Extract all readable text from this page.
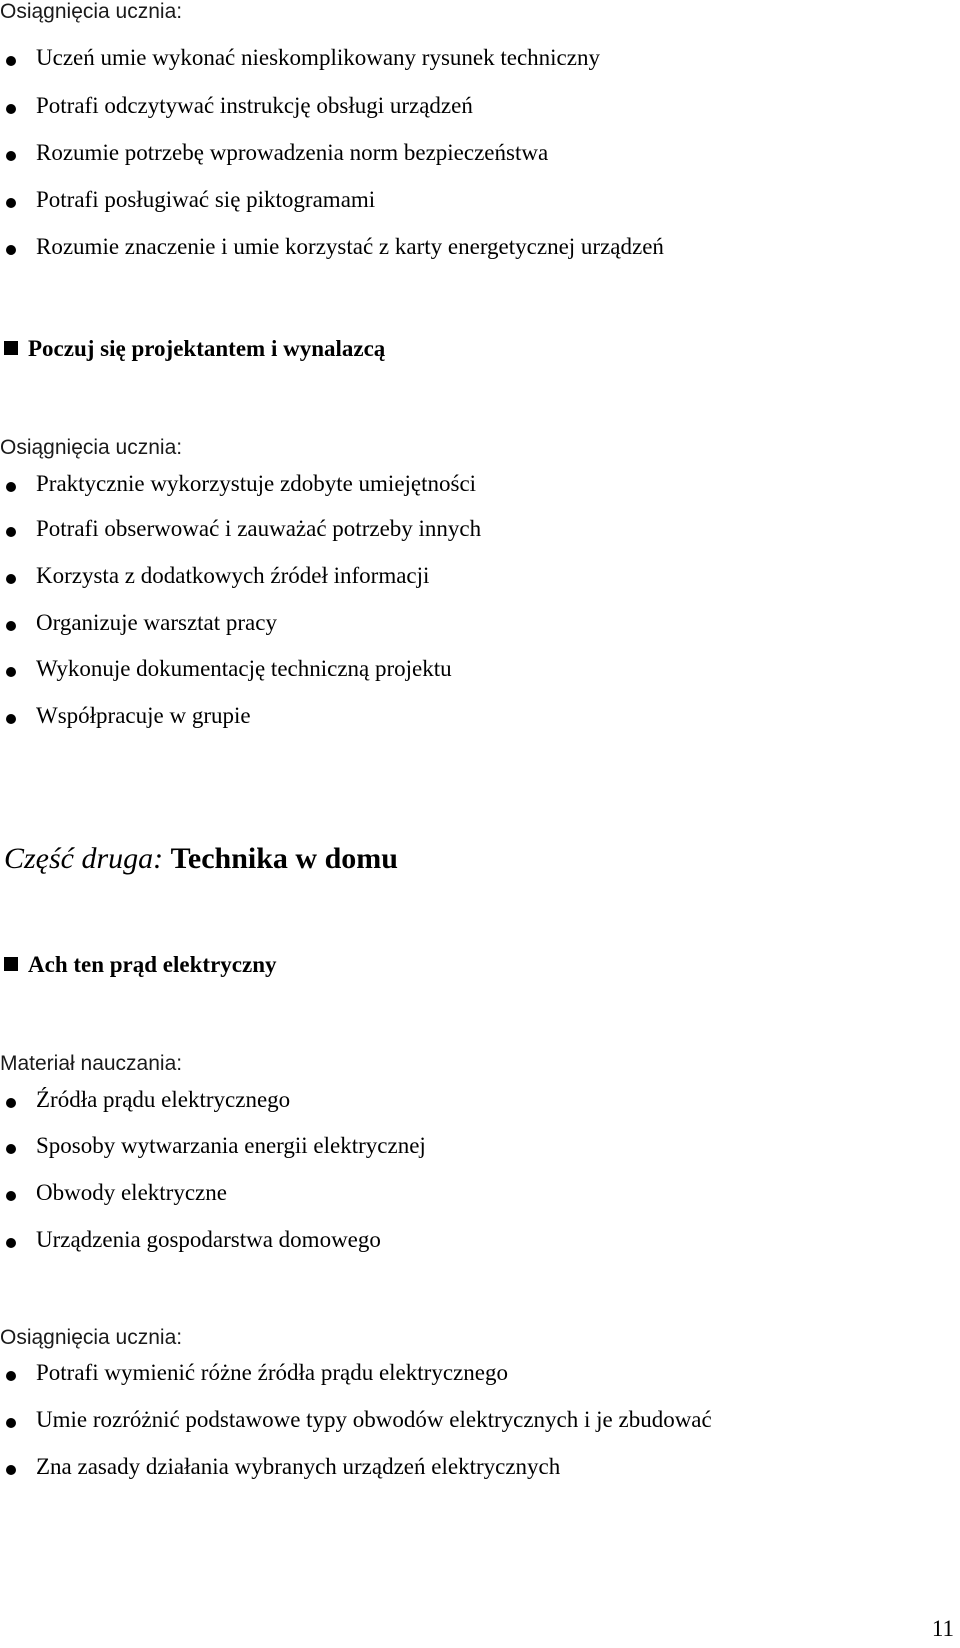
Osiągnięcia ucznia:
Uczeń umie wykonać nieskomplikowany rysunek techniczny
Potrafi odczytywać instrukcję obsługi urządzeń
Rozumie potrzebę wprowadzenia norm bezpieczeństwa
Potrafi posługiwać się piktogramami
Rozumie znaczenie i umie korzystać z karty energetycznej urządzeń
Poczuj się projektantem i wynalazcą
Osiągnięcia ucznia:
Praktycznie wykorzystuje zdobyte umiejętności
Potrafi obserwować i zauważać potrzeby innych
Korzysta z dodatkowych źródeł informacji
Organizuje warsztat pracy
Wykonuje dokumentację techniczną projektu
Współpracuje w grupie
Część druga: Technika w domu
Ach ten prąd elektryczny
Materiał nauczania:
Źródła prądu elektrycznego
Sposoby wytwarzania energii elektrycznej
Obwody elektryczne
Urządzenia gospodarstwa domowego
Osiągnięcia ucznia:
Potrafi wymienić różne źródła prądu elektrycznego
Umie rozróżnić podstawowe typy obwodów elektrycznych i je zbudować
Zna zasady działania wybranych urządzeń elektrycznych
11
